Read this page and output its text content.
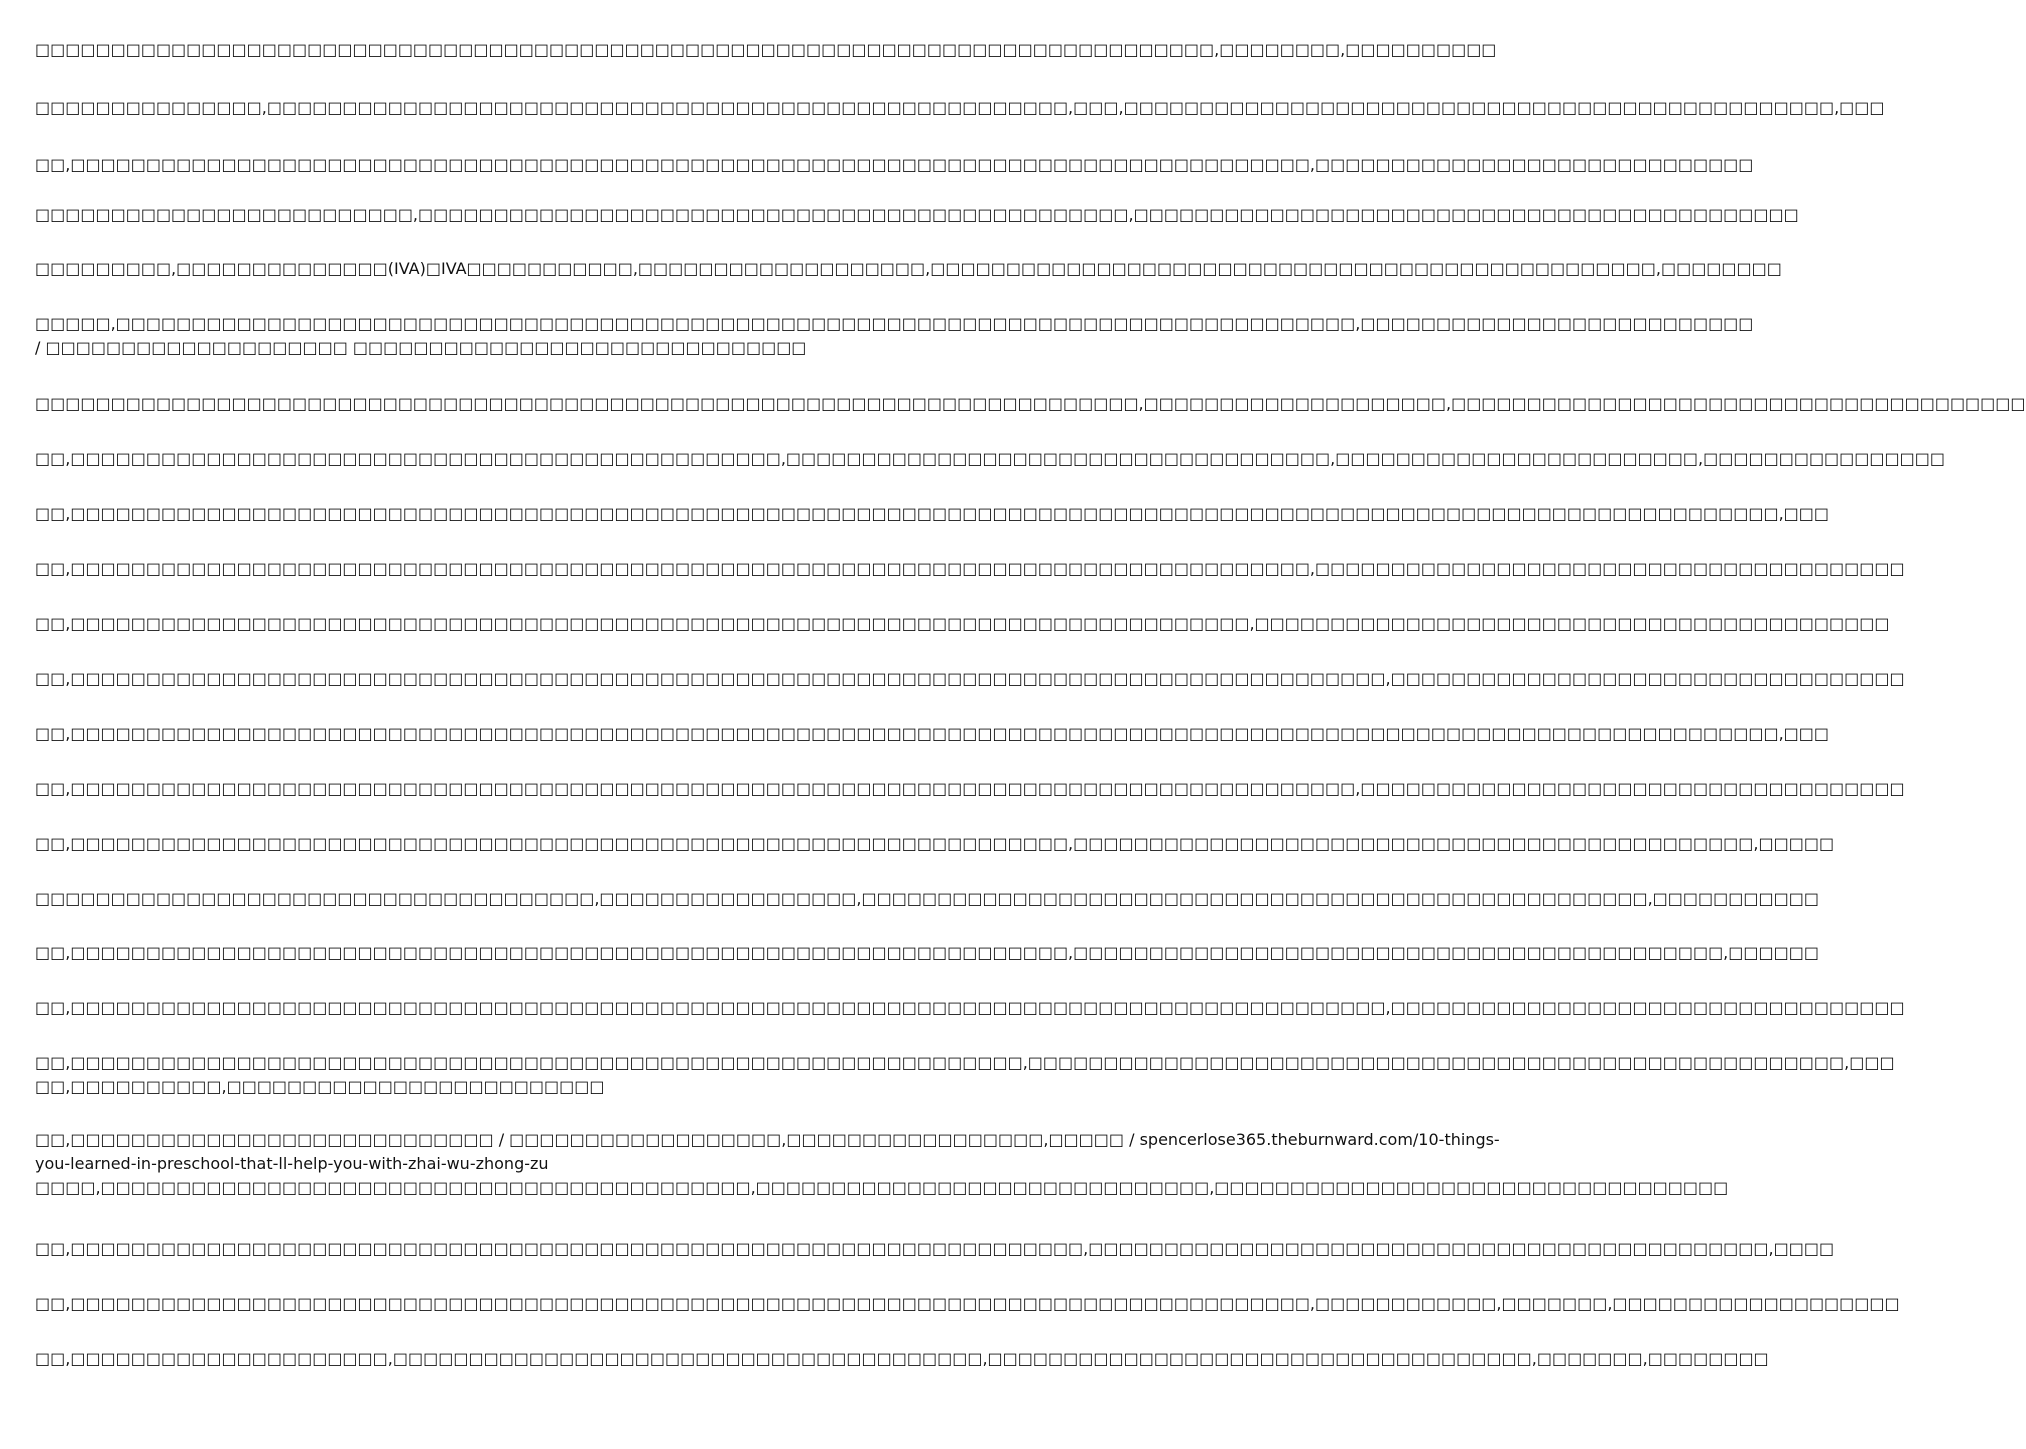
□□□□□□□□□□□□□□□□□□□□□□□□□□□□□□□□□□□□□□□□□□□□□□□□□□□□□□□□□□□□□□□□□□□□□□□□□□□□□□,□□□□□□□□,□□□□□□□□□□
□□□□□□□□□□□□□□□,□□□□□□□□□□□□□□□□□□□□□□□□□□□□□□□□□□□□□□□□□□□□□□□□□□□□□,□□□,□□□□□□□□□□□□□□□□□□□□□□□□□□□□□□□□□□□□□□□□□□□□□□□,□□□
□□,□□□□□□□□□□□□□□□□□□□□□□□□□□□□□□□□□□□□□□□□□□□□□□□□□□□□□□□□□□□□□□□□□□□□□□□□□□□□□□□□□□,□□□□□□□□□□□□□□□□□□□□□□□□□□□□□
□□□□□□□□□□□□□□□□□□□□□□□□□,□□□□□□□□□□□□□□□□□□□□□□□□□□□□□□□□□□□□□□□□□□□□□□□,□□□□□□□□□□□□□□□□□□□□□□□□□□□□□□□□□□□□□□□□□□□□
□□□□□□□□□,□□□□□□□□□□□□□□(IVA)□IVA□□□□□□□□□□□,□□□□□□□□□□□□□□□□□□□,□□□□□□□□□□□□□□□□□□□□□□□□□□□□□□□□□□□□□□□□□□□□□□□□,□□□□□□□□
□□□□□,□□□□□□□□□□□□□□□□□□□□□□□□□□□□□□□□□□□□□□□□□□□□□□□□□□□□□□□□□□□□□□□□□□□□□□□□□□□□□□□□□□,□□□□□□□□□□□□□□□□□□□□□□□□□□
/ □□□□□□□□□□□□□□□□□□□□ □□□□□□□□□□□□□□□□□□□□□□□□□□□□□□
□□□□□□□□□□□□□□□□□□□□□□□□□□□□□□□□□□□□□□□□□□□□□□□□□□□□□□□□□□□□□□□□□□□□□□□□□,□□□□□□□□□□□□□□□□□□□□,□□□□□□□□□□□□□□□□□□□□□□□□□□□□□□□□□□□□□□
□□,□□□□□□□□□□□□□□□□□□□□□□□□□□□□□□□□□□□□□□□□□□□□□□□,□□□□□□□□□□□□□□□□□□□□□□□□□□□□□□□□□□□□,□□□□□□□□□□□□□□□□□□□□□□□□,□□□□□□□□□□□□□□□□
□□,□□□□□□□□□□□□□□□□□□□□□□□□□□□□□□□□□□□□□□□□□□□□□□□□□□□□□□□□□□□□□□□□□□□□□□□□□□□□□□□□□□□□□□□□□□□□□□□□□□□□□□□□□□□□□□□□□,□□□
□□,□□□□□□□□□□□□□□□□□□□□□□□□□□□□□□□□□□□□□□□□□□□□□□□□□□□□□□□□□□□□□□□□□□□□□□□□□□□□□□□□□□,□□□□□□□□□□□□□□□□□□□□□□□□□□□□□□□□□□□□□□□
□□,□□□□□□□□□□□□□□□□□□□□□□□□□□□□□□□□□□□□□□□□□□□□□□□□□□□□□□□□□□□□□□□□□□□□□□□□□□□□□□,□□□□□□□□□□□□□□□□□□□□□□□□□□□□□□□□□□□□□□□□□□
□□,□□□□□□□□□□□□□□□□□□□□□□□□□□□□□□□□□□□□□□□□□□□□□□□□□□□□□□□□□□□□□□□□□□□□□□□□□□□□□□□□□□□□□□□,□□□□□□□□□□□□□□□□□□□□□□□□□□□□□□□□□□
□□,□□□□□□□□□□□□□□□□□□□□□□□□□□□□□□□□□□□□□□□□□□□□□□□□□□□□□□□□□□□□□□□□□□□□□□□□□□□□□□□□□□□□□□□□□□□□□□□□□□□□□□□□□□□□□□□□□,□□□
□□,□□□□□□□□□□□□□□□□□□□□□□□□□□□□□□□□□□□□□□□□□□□□□□□□□□□□□□□□□□□□□□□□□□□□□□□□□□□□□□□□□□□□□,□□□□□□□□□□□□□□□□□□□□□□□□□□□□□□□□□□□□
□□,□□□□□□□□□□□□□□□□□□□□□□□□□□□□□□□□□□□□□□□□□□□□□□□□□□□□□□□□□□□□□□□□□□,□□□□□□□□□□□□□□□□□□□□□□□□□□□□□□□□□□□□□□□□□□□□□,□□□□□
□□□□□□□□□□□□□□□□□□□□□□□□□□□□□□□□□□□□□,□□□□□□□□□□□□□□□□□,□□□□□□□□□□□□□□□□□□□□□□□□□□□□□□□□□□□□□□□□□□□□□□□□□□□□,□□□□□□□□□□□
□□,□□□□□□□□□□□□□□□□□□□□□□□□□□□□□□□□□□□□□□□□□□□□□□□□□□□□□□□□□□□□□□□□□□,□□□□□□□□□□□□□□□□□□□□□□□□□□□□□□□□□□□□□□□□□□□,□□□□□□
□□,□□□□□□□□□□□□□□□□□□□□□□□□□□□□□□□□□□□□□□□□□□□□□□□□□□□□□□□□□□□□□□□□□□□□□□□□□□□□□□□□□□□□□□□,□□□□□□□□□□□□□□□□□□□□□□□□□□□□□□□□□□
□□,□□□□□□□□□□□□□□□□□□□□□□□□□□□□□□□□□□□□□□□□□□□□□□□□□□□□□□□□□□□□□□□,□□□□□□□□□□□□□□□□□□□□□□□□□□□□□□□□□□□□□□□□□□□□□□□□□□□□□□,□□□
□□,□□□□□□□□□□,□□□□□□□□□□□□□□□□□□□□□□□□□
□□,□□□□□□□□□□□□□□□□□□□□□□□□□□□□ / □□□□□□□□□□□□□□□□□□,□□□□□□□□□□□□□□□□□,□□□□□ / spencerlose365.theburnward.com/10-things-
you-learned-in-preschool-that-ll-help-you-with-zhai-wu-zhong-zu
□□□□,□□□□□□□□□□□□□□□□□□□□□□□□□□□□□□□□□□□□□□□□□□□,□□□□□□□□□□□□□□□□□□□□□□□□□□□□□□,□□□□□□□□□□□□□□□□□□□□□□□□□□□□□□□□□□
□□,□□□□□□□□□□□□□□□□□□□□□□□□□□□□□□□□□□□□□□□□□□□□□□□□□□□□□□□□□□□□□□□□□□□,□□□□□□□□□□□□□□□□□□□□□□□□□□□□□□□□□□□□□□□□□□□□□,□□□□
□□,□□□□□□□□□□□□□□□□□□□□□□□□□□□□□□□□□□□□□□□□□□□□□□□□□□□□□□□□□□□□□□□□□□□□□□□□□□□□□□□□□□,□□□□□□□□□□□□,□□□□□□□,□□□□□□□□□□□□□□□□□□□
□□,□□□□□□□□□□□□□□□□□□□□□,□□□□□□□□□□□□□□□□□□□□□□□□□□□□□□□□□□□□□□□,□□□□□□□□□□□□□□□□□□□□□□□□□□□□□□□□□□□□,□□□□□□□,□□□□□□□□
